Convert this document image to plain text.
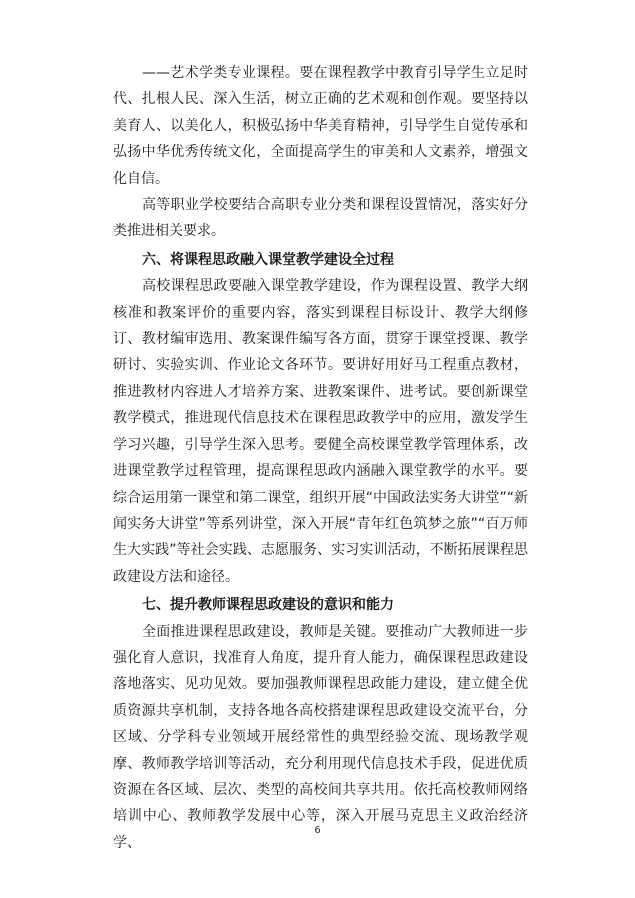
——艺术学类专业课程。要在课程教学中教育引导学生立足时代、扎根人民、深入生活，树立正确的艺术观和创作观。要坚持以美育人、以美化人，积极弘扬中华美育精神，引导学生自觉传承和弘扬中华优秀传统文化，全面提高学生的审美和人文素养，增强文化自信。

高等职业学校要结合高职专业分类和课程设置情况，落实好分类推进相关要求。

六、将课程思政融入课堂教学建设全过程

高校课程思政要融入课堂教学建设，作为课程设置、教学大纲核准和教案评价的重要内容，落实到课程目标设计、教学大纲修订、教材编审选用、教案课件编写各方面，贯穿于课堂授课、教学研讨、实验实训、作业论文各环节。要讲好用好马工程重点教材，推进教材内容进人才培养方案、进教案课件、进考试。要创新课堂教学模式，推进现代信息技术在课程思政教学中的应用，激发学生学习兴趣，引导学生深入思考。要健全高校课堂教学管理体系，改进课堂教学过程管理，提高课程思政内涵融入课堂教学的水平。要综合运用第一课堂和第二课堂，组织开展“中国政法实务大讲堂”“新闻实务大讲堂”等系列讲堂，深入开展“青年红色筑梦之旅”“百万师生大实践”等社会实践、志愿服务、实习实训活动，不断拓展课程思政建设方法和途径。

七、提升教师课程思政建设的意识和能力

全面推进课程思政建设，教师是关键。要推动广大教师进一步强化育人意识，找准育人角度，提升育人能力，确保课程思政建设落地落实、见功见效。要加强教师课程思政能力建设，建立健全优质资源共享机制，支持各地各高校搭建课程思政建设交流平台，分区域、分学科专业领域开展经常性的典型经验交流、现场教学观摩、教师教学培训等活动，充分利用现代信息技术手段，促进优质资源在各区域、层次、类型的高校间共享共用。依托高校教师网络培训中心、教师教学发展中心等，深入开展马克思主义政治经济学、

6
